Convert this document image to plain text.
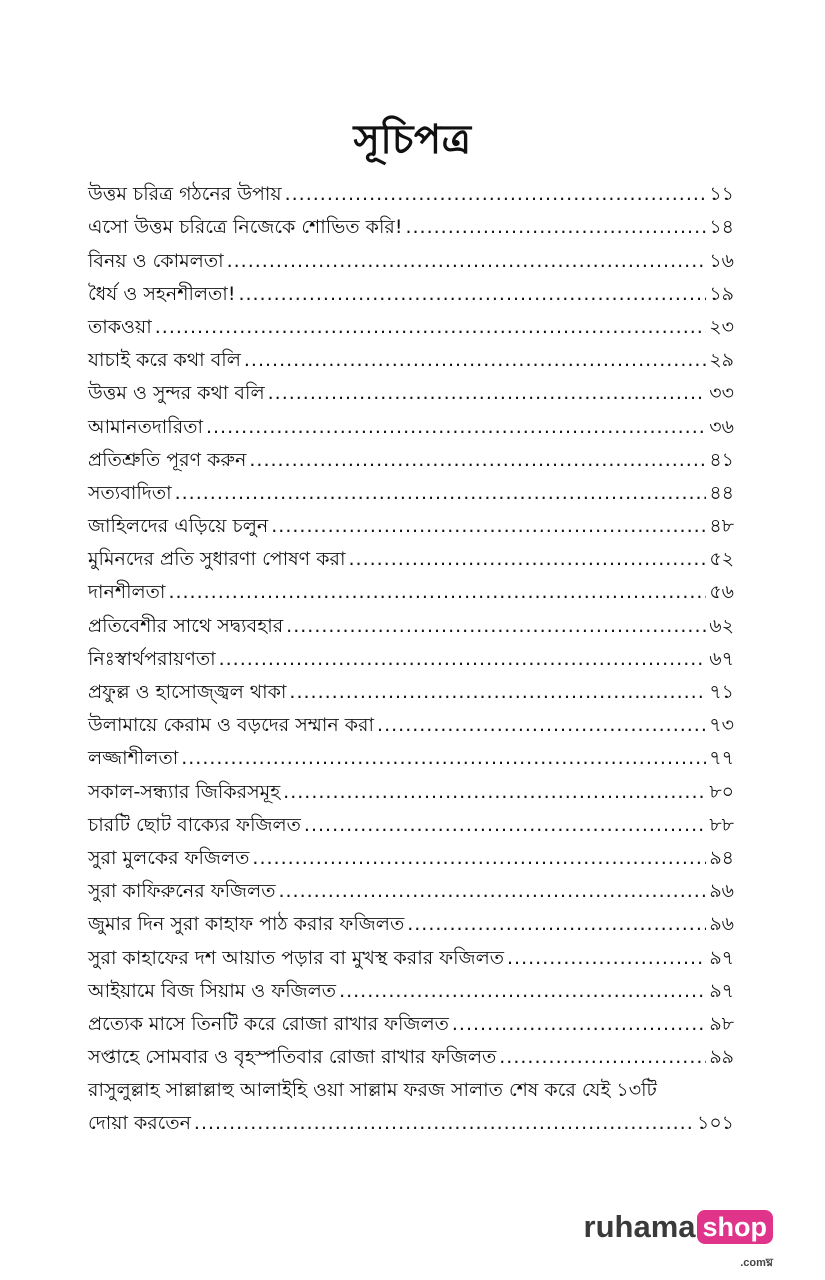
সূচিপত্র
উত্তম চরিত্র গঠনের উপায় .....	১১
এসো উত্তম চরিত্রে নিজেকে শোভিত করি! .....	১৪
বিনয় ও কোমলতা .....	১৬
ধৈর্য ও সহনশীলতা! .....	১৯
তাকওয়া .....	২৩
যাচাই করে কথা বলি .....	২৯
উত্তম ও সুন্দর কথা বলি .....	৩৩
আমানতদারিতা .....	৩৬
প্রতিশ্রুতি পূরণ করুন .....	৪১
সত্যবাদিতা .....	৪৪
জাহিলদের এড়িয়ে চলুন .....	৪৮
মুমিনদের প্রতি সুধারণা পোষণ করা .....	৫২
দানশীলতা .....	৫৬
প্রতিবেশীর সাথে সদ্ব্যবহার .....	৬২
নিঃস্বার্থপরায়ণতা .....	৬৭
প্রফুল্ল ও হাসোজ্জ্বল থাকা .....	৭১
উলামায়ে কেরাম ও বড়দের সম্মান করা .....	৭৩
লজ্জাশীলতা .....	৭৭
সকাল-সন্ধ্যার জিকিরসমূহ .....	৮০
চারটি ছোট বাক্যের ফজিলত .....	৮৮
সুরা মুলকের ফজিলত .....	৯৪
সুরা কাফিরুনের ফজিলত .....	৯৬
জুমার দিন সুরা কাহাফ পাঠ করার ফজিলত .....	৯৬
সুরা কাহাফের দশ আয়াত পড়ার বা মুখস্থ করার ফজিলত .....	৯৭
আইয়ামে বিজ সিয়াম ও ফজিলত .....	৯৭
প্রত্যেক মাসে তিনটি করে রোজা রাখার ফজিলত .....	৯৮
সপ্তাহে সোমবার ও বৃহস্পতিবার রোজা রাখার ফজিলত .....	৯৯
রাসুলুল্লাহ সাল্লাল্লাহু আলাইহি ওয়া সাল্লাম ফরজ সালাত শেষ করে যেই ১৩টি
দোয়া করতেন .....	১০১
ruhama shop
.comঘ্ন
